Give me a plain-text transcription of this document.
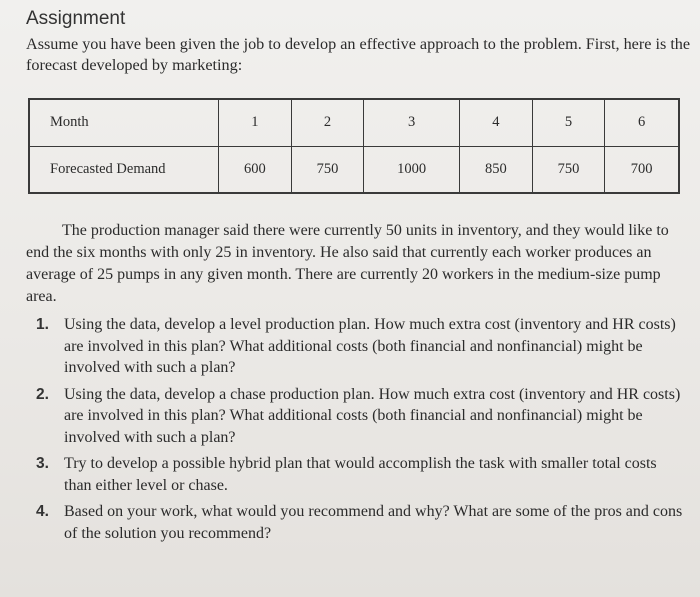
Assignment
Assume you have been given the job to develop an effective approach to the problem. First, here is the forecast developed by marketing:
Month	1	2	3	4	5	6
Forecasted Demand	600	750	1000	850	750	700
The production manager said there were currently 50 units in inventory, and they would like to end the six months with only 25 in inventory. He also said that currently each worker produces an average of 25 pumps in any given month. There are currently 20 workers in the medium-size pump area.
1. Using the data, develop a level production plan. How much extra cost (inventory and HR costs) are involved in this plan? What additional costs (both financial and nonfinancial) might be involved with such a plan?
2. Using the data, develop a chase production plan. How much extra cost (inventory and HR costs) are involved in this plan? What additional costs (both financial and nonfinancial) might be involved with such a plan?
3. Try to develop a possible hybrid plan that would accomplish the task with smaller total costs than either level or chase.
4. Based on your work, what would you recommend and why? What are some of the pros and cons of the solution you recommend?
